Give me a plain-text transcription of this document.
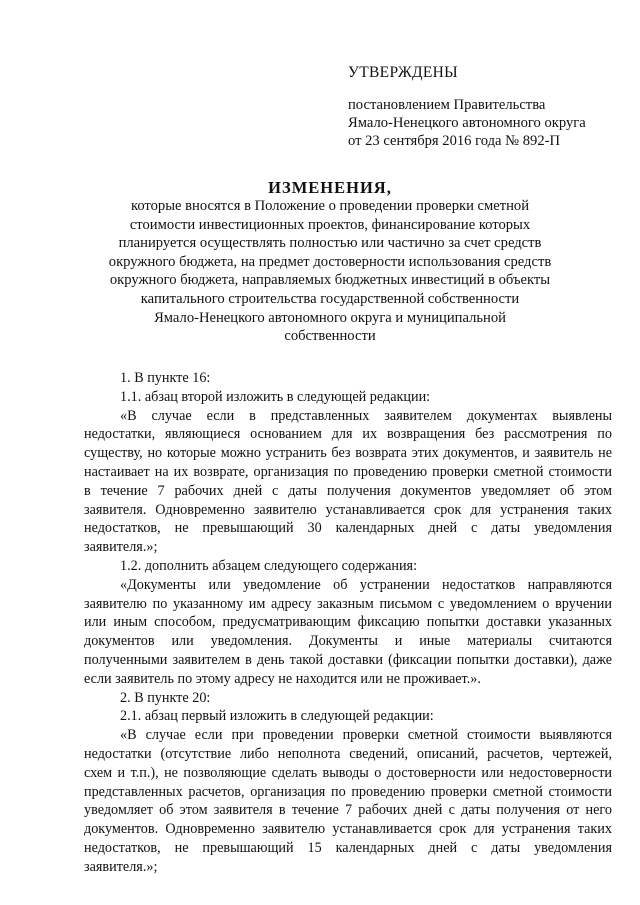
УТВЕРЖДЕНЫ
постановлением Правительства
Ямало-Ненецкого автономного округа
от 23 сентября 2016 года № 892-П
ИЗМЕНЕНИЯ,
которые вносятся в Положение о проведении проверки сметной
стоимости инвестиционных проектов, финансирование которых
планируется осуществлять полностью или частично за счет средств
окружного бюджета, на предмет достоверности использования средств
окружного бюджета, направляемых бюджетных инвестиций в объекты
капитального строительства государственной собственности
Ямало-Ненецкого автономного округа и муниципальной
собственности

1. В пункте 16:

1.1. абзац второй изложить в следующей редакции:

«В случае если в представленных заявителем документах выявлены

недостатки, являющиеся основанием для их возвращения без рассмотрения по

существу, но которые можно устранить без возврата этих документов, и заявитель не

настаивает на их возврате, организация по проведению проверки сметной стоимости

в течение 7 рабочих дней с даты получения документов уведомляет об этом

заявителя. Одновременно заявителю устанавливается срок для устранения таких

недостатков, не превышающий 30 календарных дней с даты уведомления

заявителя.»;

1.2. дополнить абзацем следующего содержания:

«Документы или уведомление об устранении недостатков направляются

заявителю по указанному им адресу заказным письмом с уведомлением о вручении

или иным способом, предусматривающим фиксацию попытки доставки указанных

документов или уведомления. Документы и иные материалы считаются

полученными заявителем в день такой доставки (фиксации попытки доставки), даже

если заявитель по этому адресу не находится или не проживает.».

2. В пункте 20:

2.1. абзац первый изложить в следующей редакции:

«В случае если при проведении проверки сметной стоимости выявляются

недостатки (отсутствие либо неполнота сведений, описаний, расчетов, чертежей,

схем и т.п.), не позволяющие сделать выводы о достоверности или недостоверности

представленных расчетов, организация по проведению проверки сметной стоимости

уведомляет об этом заявителя в течение 7 рабочих дней с даты получения от него

документов. Одновременно заявителю устанавливается срок для устранения таких

недостатков, не превышающий 15 календарных дней с даты уведомления

заявителя.»;
